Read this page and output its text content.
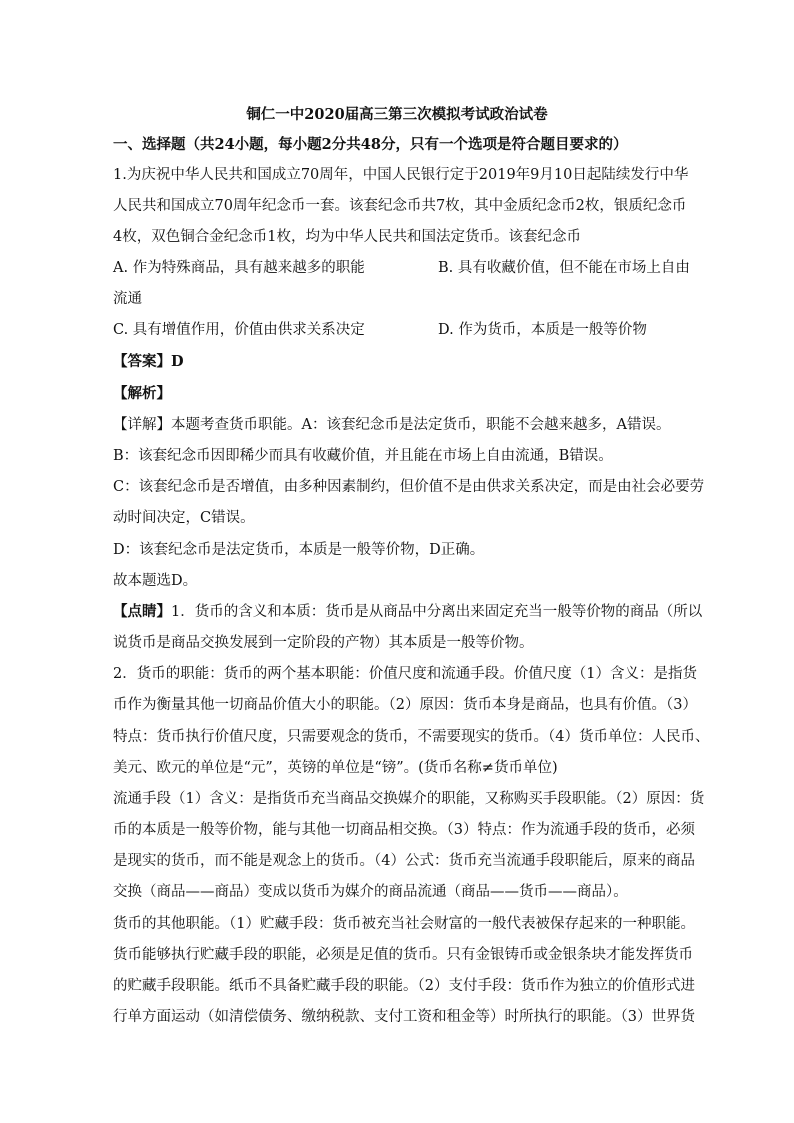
铜仁一中2020届高三第三次模拟考试政治试卷
一、选择题（共24小题，每小题2分共48分，只有一个选项是符合题目要求的）
1.为庆祝中华人民共和国成立70周年，中国人民银行定于2019年9月10日起陆续发行中华
人民共和国成立70周年纪念币一套。该套纪念币共7枚，其中金质纪念币2枚，银质纪念币
4枚，双色铜合金纪念币1枚，均为中华人民共和国法定货币。该套纪念币
A. 作为特殊商品，具有越来越多的职能	B. 具有收藏价值，但不能在市场上自由
流通
C. 具有增值作用，价值由供求关系决定	D. 作为货币，本质是一般等价物
【答案】D
【解析】
【详解】本题考查货币职能。A：该套纪念币是法定货币，职能不会越来越多，A错误。
B：该套纪念币因即稀少而具有收藏价值，并且能在市场上自由流通，B错误。
C：该套纪念币是否增值，由多种因素制约，但价值不是由供求关系决定，而是由社会必要劳
动时间决定，C错误。
D：该套纪念币是法定货币，本质是一般等价物，D正确。
故本题选D。
【点睛】1．货币的含义和本质：货币是从商品中分离出来固定充当一般等价物的商品（所以
说货币是商品交换发展到一定阶段的产物）其本质是一般等价物。
2．货币的职能：货币的两个基本职能：价值尺度和流通手段。价值尺度（1）含义：是指货
币作为衡量其他一切商品价值大小的职能。（2）原因：货币本身是商品，也具有价值。（3）
特点：货币执行价值尺度，只需要观念的货币，不需要现实的货币。（4）货币单位：人民币、
美元、欧元的单位是“元”，英镑的单位是“镑”。(货币名称≠货币单位)
流通手段（1）含义：是指货币充当商品交换媒介的职能，又称购买手段职能。（2）原因：货
币的本质是一般等价物，能与其他一切商品相交换。（3）特点：作为流通手段的货币，必须
是现实的货币，而不能是观念上的货币。（4）公式：货币充当流通手段职能后，原来的商品
交换（商品——商品）变成以货币为媒介的商品流通（商品——货币——商品）。
货币的其他职能。（1）贮藏手段：货币被充当社会财富的一般代表被保存起来的一种职能。
货币能够执行贮藏手段的职能，必须是足值的货币。只有金银铸币或金银条块才能发挥货币
的贮藏手段职能。纸币不具备贮藏手段的职能。（2）支付手段：货币作为独立的价值形式进
行单方面运动（如清偿债务、缴纳税款、支付工资和租金等）时所执行的职能。（3）世界货
